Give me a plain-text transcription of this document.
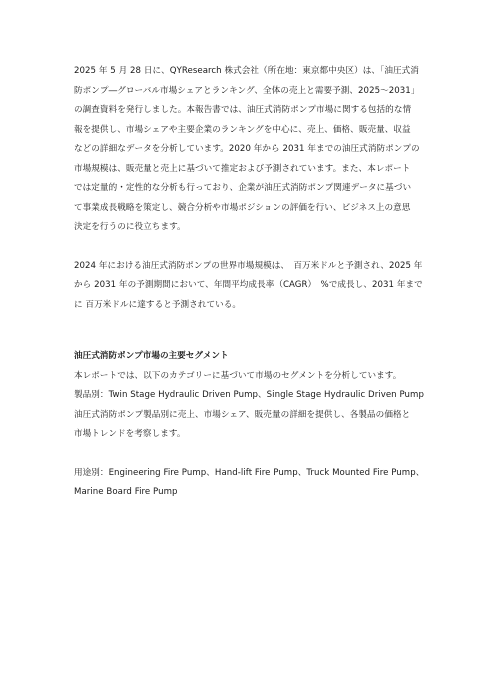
2025 年 5 月 28 日に、QYResearch 株式会社（所在地：東京都中央区）は、「油圧式消
防ポンプ―グローバル市場シェアとランキング、全体の売上と需要予測、2025〜2031」
の調査資料を発行しました。本報告書では、油圧式消防ポンプ市場に関する包括的な情
報を提供し、市場シェアや主要企業のランキングを中心に、売上、価格、販売量、収益
などの詳細なデータを分析しています。2020 年から 2031 年までの油圧式消防ポンプの
市場規模は、販売量と売上に基づいて推定および予測されています。また、本レポート
では定量的・定性的な分析も行っており、企業が油圧式消防ポンプ関連データに基づい
て事業成長戦略を策定し、競合分析や市場ポジションの評価を行い、ビジネス上の意思
決定を行うのに役立ちます。

2024 年における油圧式消防ポンプの世界市場規模は、　百万米ドルと予測され、2025 年
から 2031 年の予測期間において、年間平均成長率（CAGR）　%で成長し、2031 年まで
に 百万米ドルに達すると予測されている。

油圧式消防ポンプ市場の主要セグメント

本レポートでは、以下のカテゴリーに基づいて市場のセグメントを分析しています。

製品別：Twin Stage Hydraulic Driven Pump、Single Stage Hydraulic Driven Pump
油圧式消防ポンプ製品別に売上、市場シェア、販売量の詳細を提供し、各製品の価格と
市場トレンドを考察します。

用途別：Engineering Fire Pump、Hand-lift Fire Pump、Truck Mounted Fire Pump、
Marine Board Fire Pump
